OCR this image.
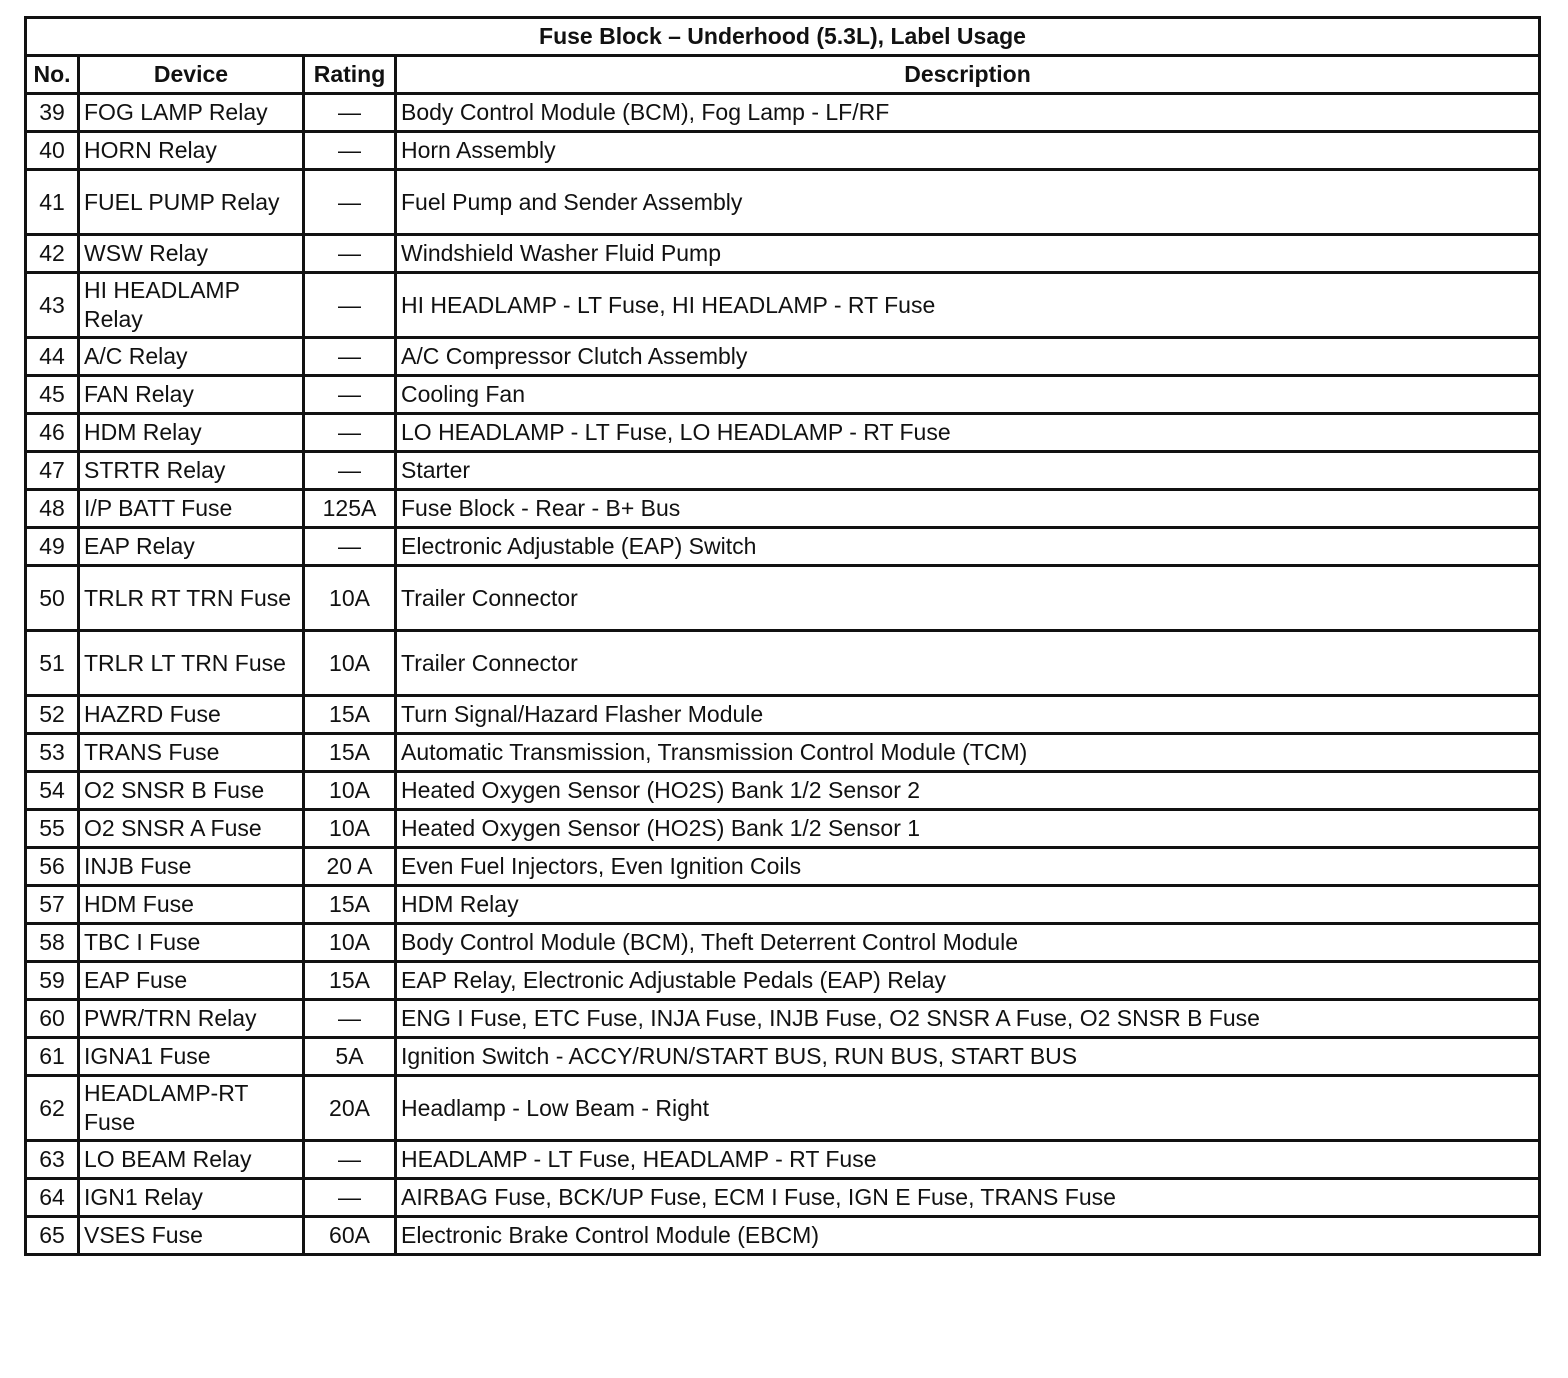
Fuse Block – Underhood (5.3L), Label Usage			
No.	Device	Rating	Description
39	FOG LAMP Relay	—	Body Control Module (BCM), Fog Lamp - LF/RF
40	HORN Relay	—	Horn Assembly
41	FUEL PUMP Relay	—	Fuel Pump and Sender Assembly
42	WSW Relay	—	Windshield Washer Fluid Pump
43	HI HEADLAMP Relay	—	HI HEADLAMP - LT Fuse, HI HEADLAMP - RT Fuse
44	A/C Relay	—	A/C Compressor Clutch Assembly
45	FAN Relay	—	Cooling Fan
46	HDM Relay	—	LO HEADLAMP - LT Fuse, LO HEADLAMP - RT Fuse
47	STRTR Relay	—	Starter
48	I/P BATT Fuse	125A	Fuse Block - Rear - B+ Bus
49	EAP Relay	—	Electronic Adjustable (EAP) Switch
50	TRLR RT TRN Fuse	10A	Trailer Connector
51	TRLR LT TRN Fuse	10A	Trailer Connector
52	HAZRD Fuse	15A	Turn Signal/Hazard Flasher Module
53	TRANS Fuse	15A	Automatic Transmission, Transmission Control Module (TCM)
54	O2 SNSR B Fuse	10A	Heated Oxygen Sensor (HO2S) Bank 1/2 Sensor 2
55	O2 SNSR A Fuse	10A	Heated Oxygen Sensor (HO2S) Bank 1/2 Sensor 1
56	INJB Fuse	20 A	Even Fuel Injectors, Even Ignition Coils
57	HDM Fuse	15A	HDM Relay
58	TBC I Fuse	10A	Body Control Module (BCM), Theft Deterrent Control Module
59	EAP Fuse	15A	EAP Relay, Electronic Adjustable Pedals (EAP) Relay
60	PWR/TRN Relay	—	ENG I Fuse, ETC Fuse, INJA Fuse, INJB Fuse, O2 SNSR A Fuse, O2 SNSR B Fuse
61	IGNA1 Fuse	5A	Ignition Switch - ACCY/RUN/START BUS, RUN BUS, START BUS
62	HEADLAMP-RT Fuse	20A	Headlamp - Low Beam - Right
63	LO BEAM Relay	—	HEADLAMP - LT Fuse, HEADLAMP - RT Fuse
64	IGN1 Relay	—	AIRBAG Fuse, BCK/UP Fuse, ECM I Fuse, IGN E Fuse, TRANS Fuse
65	VSES Fuse	60A	Electronic Brake Control Module (EBCM)
